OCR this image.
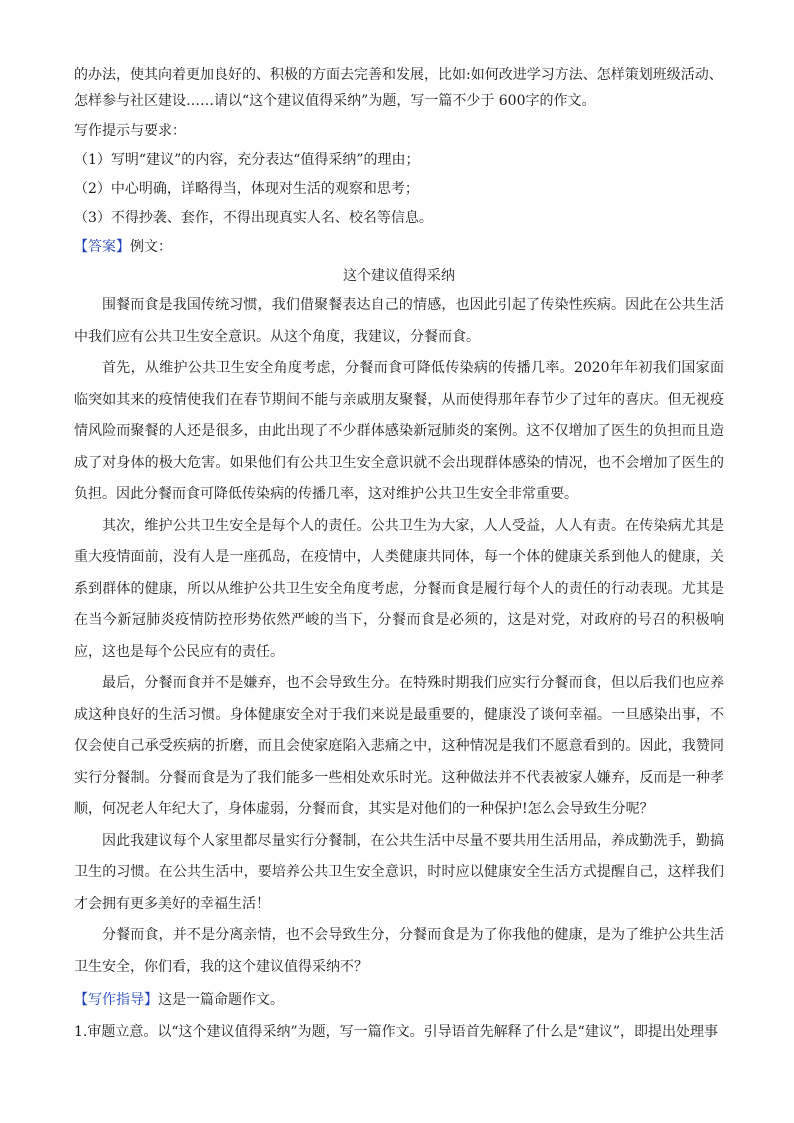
的办法，使其向着更加良好的、积极的方面去完善和发展，比如:如何改进学习方法、怎样策划班级活动、

怎样参与社区建设……请以“这个建议值得采纳”为题，写一篇不少于 600字的作文。

写作提示与要求：

（1）写明“建议”的内容，充分表达“值得采纳”的理由；

（2）中心明确，详略得当，体现对生活的观察和思考；

（3）不得抄袭、套作，不得出现真实人名、校名等信息。

【答案】例文：

这个建议值得采纳

围餐而食是我国传统习惯，我们借聚餐表达自己的情感，也因此引起了传染性疾病。因此在公共生活中我们应有公共卫生安全意识。从这个角度，我建议，分餐而食。

首先，从维护公共卫生安全角度考虑，分餐而食可降低传染病的传播几率。2020年年初我们国家面临突如其来的疫情使我们在春节期间不能与亲戚朋友聚餐，从而使得那年春节少了过年的喜庆。但无视疫情风险而聚餐的人还是很多，由此出现了不少群体感染新冠肺炎的案例。这不仅增加了医生的负担而且造成了对身体的极大危害。如果他们有公共卫生安全意识就不会出现群体感染的情况，也不会增加了医生的负担。因此分餐而食可降低传染病的传播几率，这对维护公共卫生安全非常重要。

其次，维护公共卫生安全是每个人的责任。公共卫生为大家，人人受益，人人有责。在传染病尤其是重大疫情面前，没有人是一座孤岛，在疫情中，人类健康共同体，每一个体的健康关系到他人的健康，关系到群体的健康，所以从维护公共卫生安全角度考虑，分餐而食是履行每个人的责任的行动表现。尤其是在当今新冠肺炎疫情防控形势依然严峻的当下，分餐而食是必须的，这是对党，对政府的号召的积极响应，这也是每个公民应有的责任。

最后，分餐而食并不是嫌弃，也不会导致生分。在特殊时期我们应实行分餐而食，但以后我们也应养成这种良好的生活习惯。身体健康安全对于我们来说是最重要的，健康没了谈何幸福。一旦感染出事，不仅会使自己承受疾病的折磨，而且会使家庭陷入悲痛之中，这种情况是我们不愿意看到的。因此，我赞同实行分餐制。分餐而食是为了我们能多一些相处欢乐时光。这种做法并不代表被家人嫌弃，反而是一种孝顺，何况老人年纪大了，身体虚弱，分餐而食，其实是对他们的一种保护!怎么会导致生分呢？

因此我建议每个人家里都尽量实行分餐制，在公共生活中尽量不要共用生活用品，养成勤洗手，勤搞卫生的习惯。在公共生活中，要培养公共卫生安全意识，时时应以健康安全生活方式提醒自己，这样我们才会拥有更多美好的幸福生活！

分餐而食，并不是分离亲情，也不会导致生分，分餐而食是为了你我他的健康，是为了维护公共生活卫生安全，你们看，我的这个建议值得采纳不？

【写作指导】这是一篇命题作文。

1.审题立意。以“这个建议值得采纳”为题，写一篇作文。引导语首先解释了什么是“建议”，即提出处理事
